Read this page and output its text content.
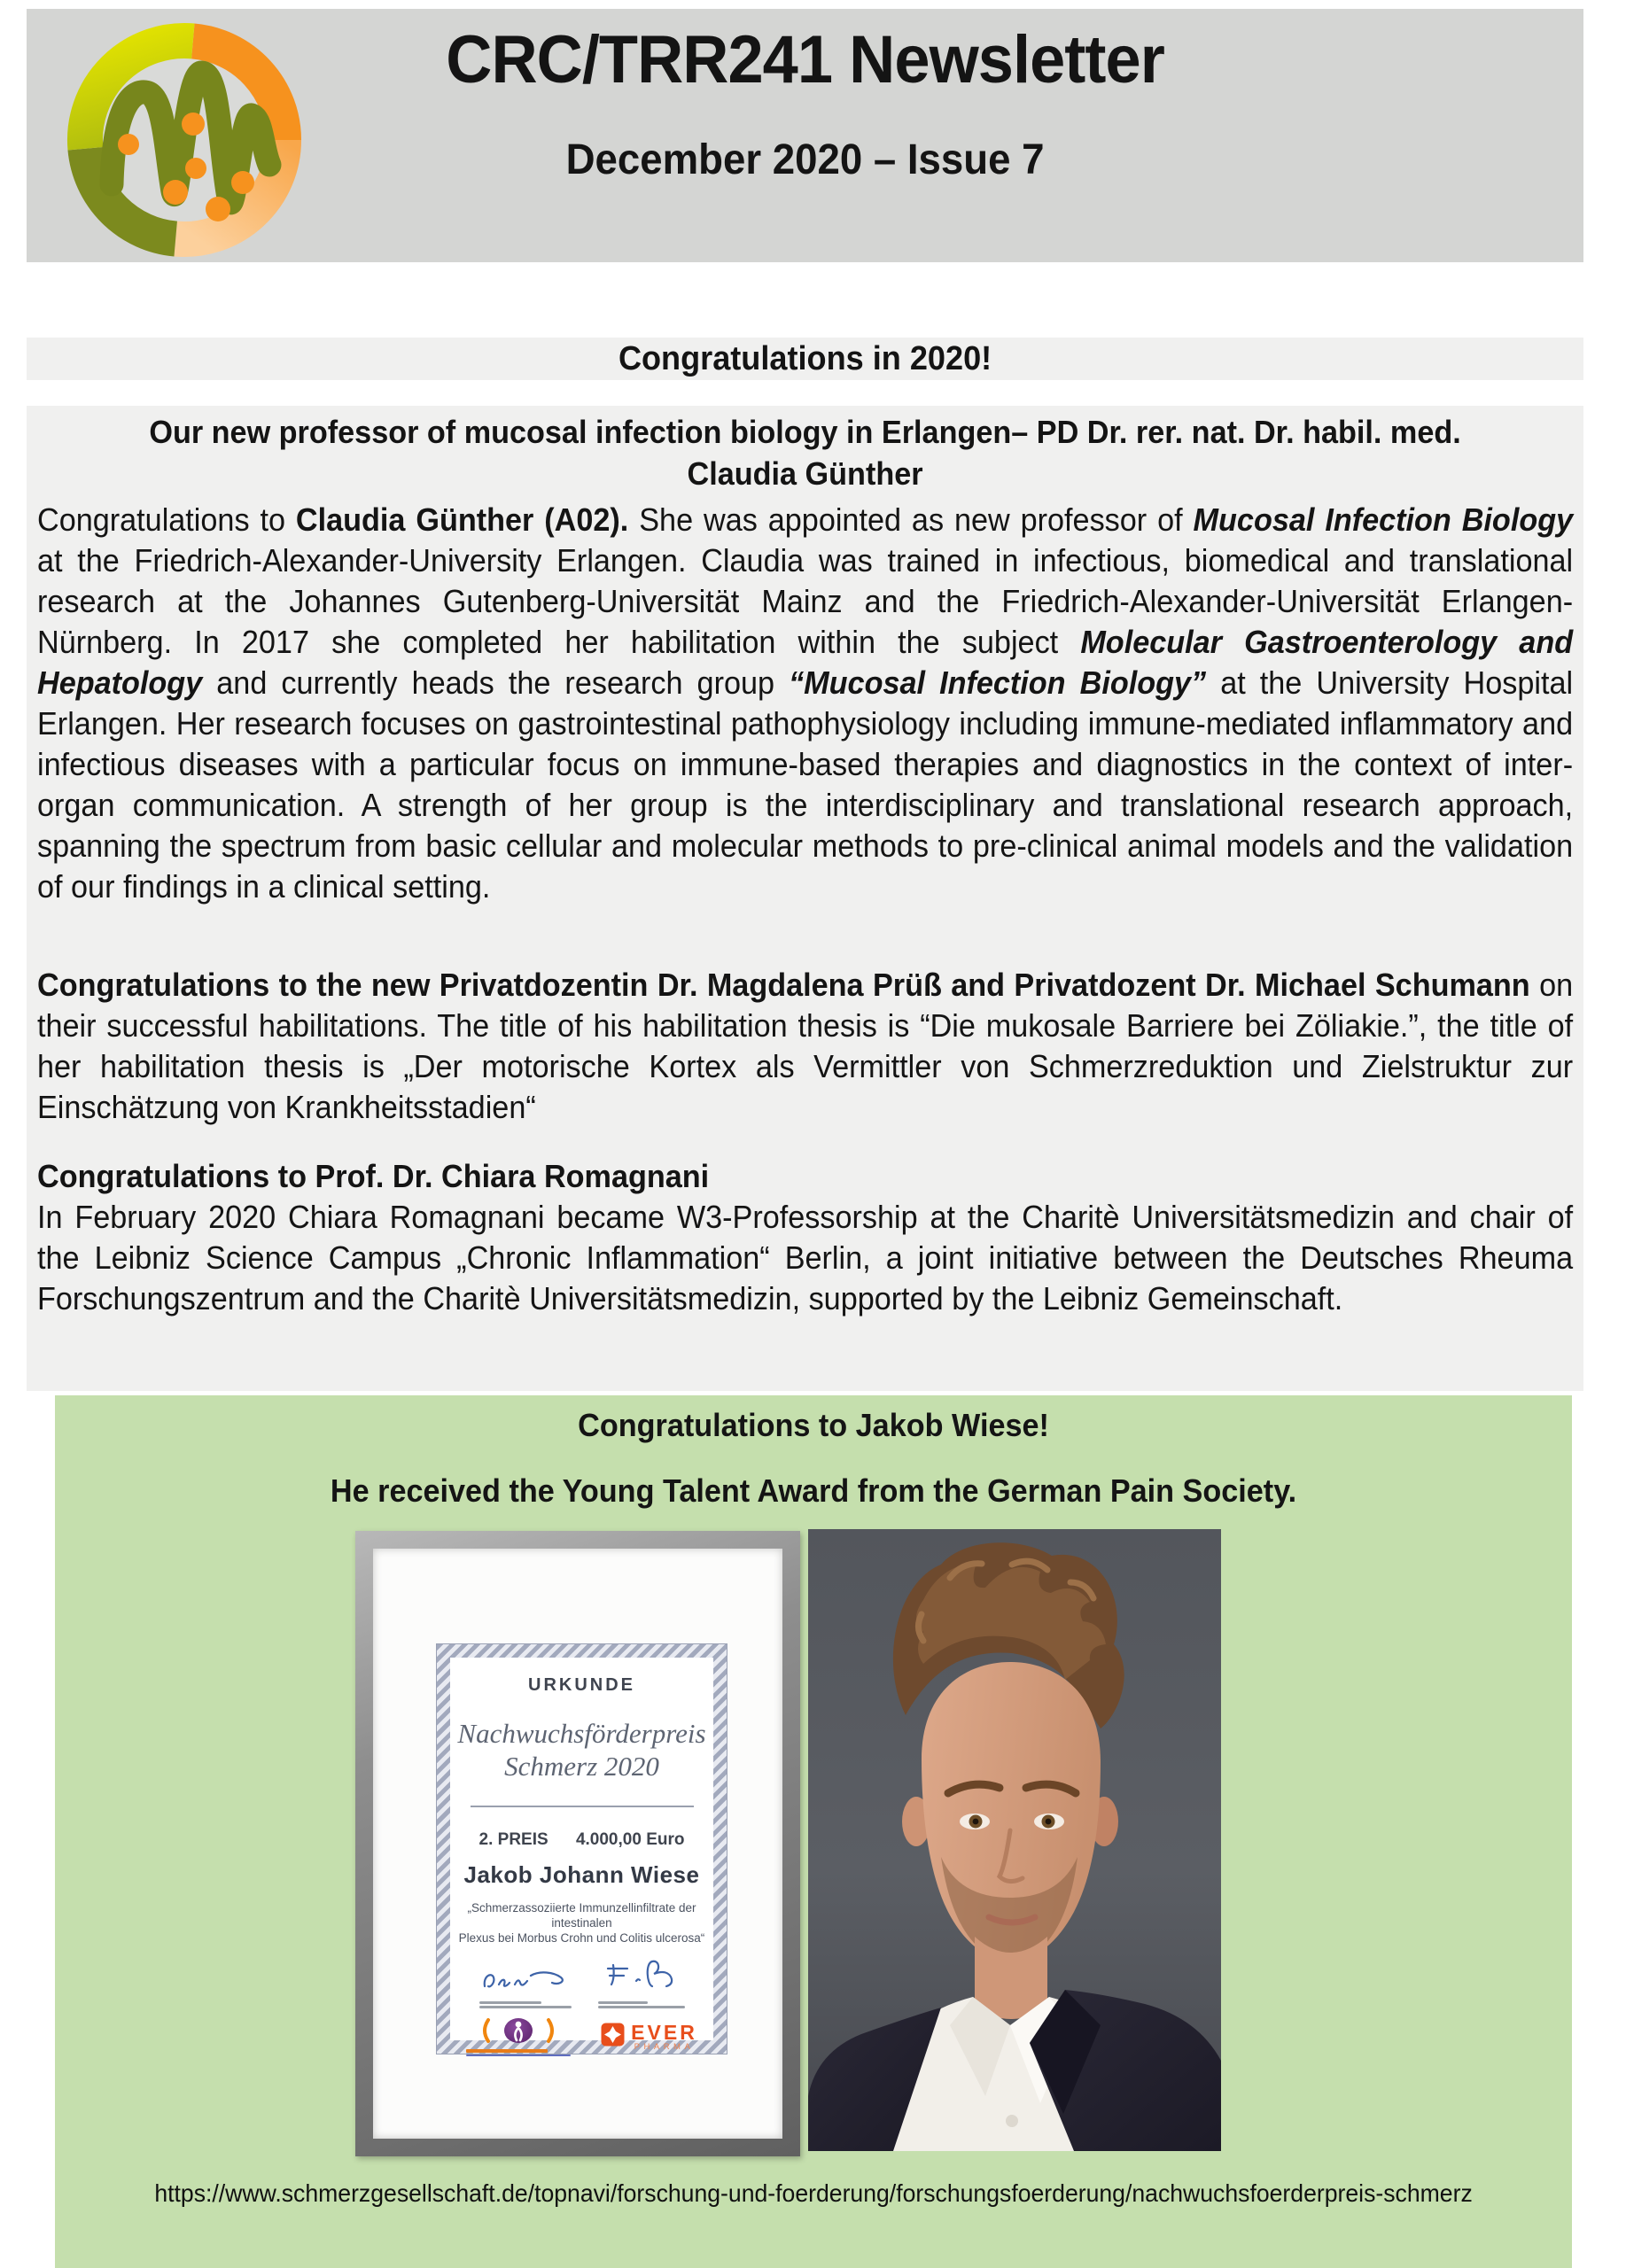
CRC/TRR241 Newsletter
December 2020 – Issue 7
Congratulations in 2020!
Our new professor of mucosal infection biology in Erlangen– PD Dr. rer. nat. Dr. habil. med.
Claudia Günther
Congratulations to Claudia Günther (A02). She was appointed as new professor of Mucosal Infection Biology at the Friedrich-Alexander-University Erlangen. Claudia was trained in infectious, biomedical and translational research at the Johannes Gutenberg-Universität Mainz and the Friedrich-Alexander-Universität Erlangen-Nürnberg. In 2017 she completed her habilitation within the subject Molecular Gastroenterology and Hepatology and currently heads the research group “Mucosal Infection Biology” at the University Hospital Erlangen. Her research focuses on gastrointestinal pathophysiology including immune-mediated inflammatory and infectious diseases with a particular focus on immune-based therapies and diagnostics in the context of inter-organ communication. A strength of her group is the interdisciplinary and translational research approach, spanning the spectrum from basic cellular and molecular methods to pre-clinical animal models and the validation of our findings in a clinical setting.
Congratulations to the new Privatdozentin Dr. Magdalena Prüß and Privatdozent Dr. Michael Schumann on their successful habilitations. The title of his habilitation thesis is “Die mukosale Barriere bei Zöliakie.”, the title of her habilitation thesis is „Der motorische Kortex als Vermittler von Schmerzreduktion und Zielstruktur zur Einschätzung von Krankheitsstadien“
Congratulations to Prof. Dr. Chiara Romagnani
In February 2020 Chiara Romagnani became W3-Professorship at the Charitè Universitätsmedizin and chair of the Leibniz Science Campus „Chronic Inflammation“ Berlin, a joint initiative between the Deutsches Rheuma Forschungszentrum and the Charitè Universitätsmedizin, supported by the Leibniz Gemeinschaft.
Congratulations to Jakob Wiese!
He received the Young Talent Award from the German Pain Society.
URKUNDE
Nachwuchsförderpreis
Schmerz 2020
2. PREIS 4.000,00 Euro
Jakob Johann Wiese
„Schmerzassoziierte Immunzellinfiltrate der intestinalen
Plexus bei Morbus Crohn und Colitis ulcerosa“
EVER
PHARMA
https://www.schmerzgesellschaft.de/topnavi/forschung-und-foerderung/forschungsfoerderung/nachwuchsfoerderpreis-schmerz
